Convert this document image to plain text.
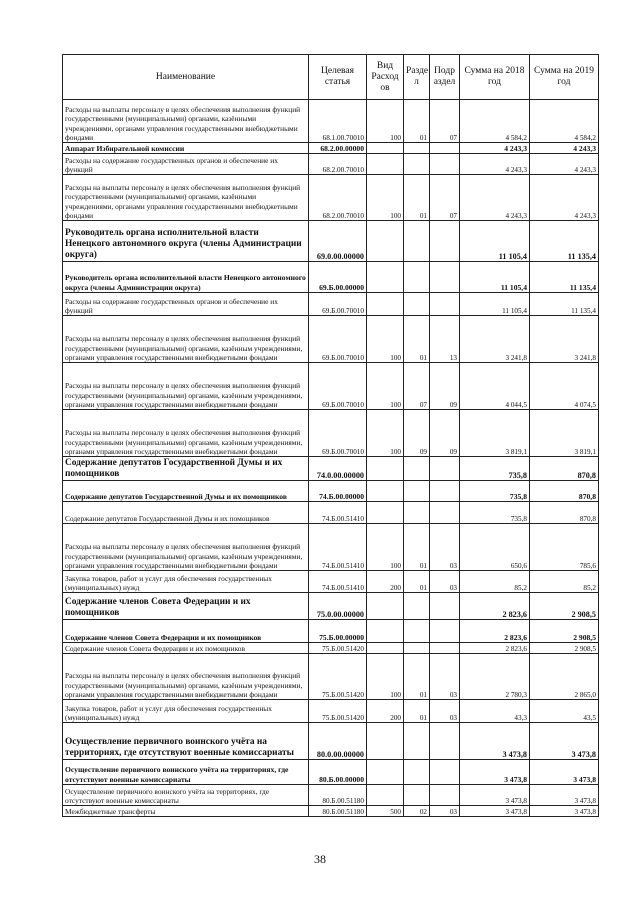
Наименование	Целевая статья	Вид Расход ов	Разде л	Подр аздел	Сумма на 2018 год	Сумма на 2019 год
Расходы на выплаты персоналу в целях обеспечения выполнения функций государственными (муниципальными) органами, казёнными учреждениями, органами управления государственными внебюджетными фондами	68.1.00.70010	100	01	07	4 584,2	4 584,2
Аппарат Избирательной комиссии	68.2.00.00000				4 243,3	4 243,3
Расходы на содержание государственных органов и обеспечение их функций	68.2.00.70010				4 243,3	4 243,3
Расходы на выплаты персоналу в целях обеспечения выполнения функций государственными (муниципальными) органами, казёнными учреждениями, органами управления государственными внебюджетными фондами	68.2.00.70010	100	01	07	4 243,3	4 243,3
Руководитель органа исполнительной власти Ненецкого автономного округа (члены Администрации округа)	69.0.00.00000				11 105,4	11 135,4
Руководитель органа исполнительной власти Ненецкого автономного округа (члены Администрации округа)	69.Б.00.00000				11 105,4	11 135,4
Расходы на содержание государственных органов и обеспечение их функций	69.Б.00.70010				11 105,4	11 135,4
Расходы на выплаты персоналу в целях обеспечения выполнения функций государственными (муниципальными) органами, казённым учреждениями, органами управления государственными внебюджетными фондами	69.Б.00.70010	100	01	13	3 241,8	3 241,8
Расходы на выплаты персоналу в целях обеспечения выполнения функций государственными (муниципальными) органами, казённым учреждениями, органами управления государственными внебюджетными фондами	69.Б.00.70010	100	07	09	4 044,5	4 074,5
Расходы на выплаты персоналу в целях обеспечения выполнения функций государственными (муниципальными) органами, казённым учреждениями, органами управления государственными внебюджетными фондами	69.Б.00.70010	100	09	09	3 819,1	3 819,1
Содержание депутатов Государственной Думы и их помощников	74.0.00.00000				735,8	870,8
Содержание депутатов Государственной Думы и их помощников	74.Б.00.00000				735,8	870,8
Содержание депутатов Государственной Думы и их помощников	74.Б.00.51410				735,8	870,8
Расходы на выплаты персоналу в целях обеспечения выполнения функций государственными (муниципальными) органами, казённым учреждениями, органами управления государственными внебюджетными фондами	74.Б.00.51410	100	01	03	650,6	785,6
Закупка товаров, работ и услуг для обеспечения государственных (муниципальных) нужд	74.Б.00.51410	200	01	03	85,2	85,2
Содержание членов Совета Федерации и их помощников	75.0.00.00000				2 823,6	2 908,5
Содержание членов Совета Федерации и их помощников	75.Б.00.00000				2 823,6	2 908,5
Содержание членов Совета Федерации и их помощников	75.Б.00.51420				2 823,6	2 908,5
Расходы на выплаты персоналу в целях обеспечения выполнения функций государственными (муниципальными) органами, казённым учреждениями, органами управления государственными внебюджетными фондами	75.Б.00.51420	100	01	03	2 780,3	2 865,0
Закупка товаров, работ и услуг для обеспечения государственных (муниципальных) нужд	75.Б.00.51420	200	01	03	43,3	43,5
Осуществление первичного воинского учёта на территориях, где отсутствуют военные комиссариаты	80.0.00.00000				3 473,8	3 473,8
Осуществление первичного воинского учёта на территориях, где отсутствуют военные комиссариаты	80.Б.00.00000				3 473,8	3 473,8
Осуществление первичного воинского учёта на территориях, где отсутствуют военные комиссариаты	80.Б.00.51180				3 473,8	3 473,8
Межбюджетные трансферты	80.Б.00.51180	500	02	03	3 473,8	3 473,8
38
